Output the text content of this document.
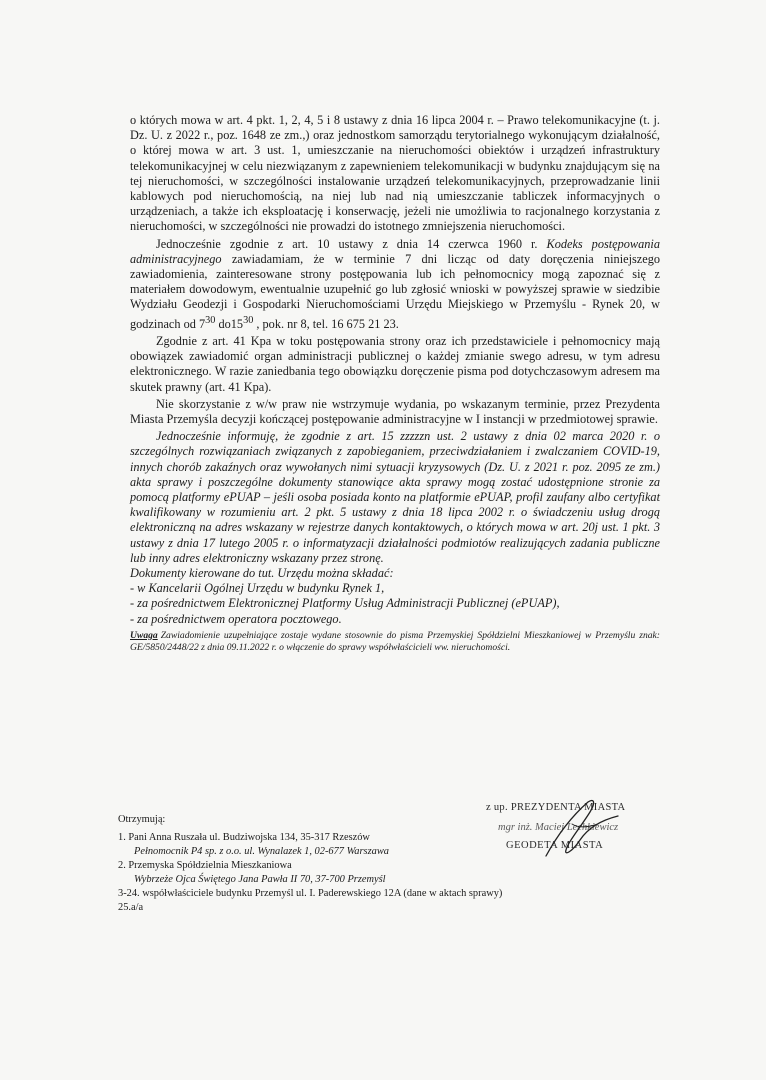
o których mowa w art. 4 pkt. 1, 2, 4, 5 i 8 ustawy z dnia 16 lipca 2004 r. – Prawo telekomunikacyjne (t. j. Dz. U. z 2022 r., poz. 1648 ze zm.,) oraz jednostkom samorządu terytorialnego wykonującym działalność, o której mowa w art. 3 ust. 1, umieszczanie na nieruchomości obiektów i urządzeń infrastruktury telekomunikacyjnej w celu niezwiązanym z zapewnieniem telekomunikacji w budynku znajdującym się na tej nieruchomości, w szczególności instalowanie urządzeń telekomunikacyjnych, przeprowadzanie linii kablowych pod nieruchomością, na niej lub nad nią umieszczanie tabliczek informacyjnych o urządzeniach, a także ich eksploatację i konserwację, jeżeli nie umożliwia to racjonalnego korzystania z nieruchomości, w szczególności nie prowadzi do istotnego zmniejszenia nieruchomości.

Jednocześnie zgodnie z art. 10 ustawy z dnia 14 czerwca 1960 r. Kodeks postępowania administracyjnego zawiadamiam, że w terminie 7 dni licząc od daty doręczenia niniejszego zawiadomienia, zainteresowane strony postępowania lub ich pełnomocnicy mogą zapoznać się z materiałem dowodowym, ewentualnie uzupełnić go lub zgłosić wnioski w powyższej sprawie w siedzibie Wydziału Geodezji i Gospodarki Nieruchomościami Urzędu Miejskiego w Przemyślu - Rynek 20, w godzinach od $7^{30}$ $do15^{30}$ , pok. nr 8, tel. 16 675 21 23.

Zgodnie z art. 41 Kpa w toku postępowania strony oraz ich przedstawiciele i pełnomocnicy mają obowiązek zawiadomić organ administracji publicznej o każdej zmianie swego adresu, w tym adresu elektronicznego. W razie zaniedbania tego obowiązku doręczenie pisma pod dotychczasowym adresem ma skutek prawny (art. 41 Kpa).

Nie skorzystanie z w/w praw nie wstrzymuje wydania, po wskazanym terminie, przez Prezydenta Miasta Przemyśla decyzji kończącej postępowanie administracyjne w I instancji w przedmiotowej sprawie.

Jednocześnie informuję, że zgodnie z art. 15 zzzzzn ust. 2 ustawy z dnia 02 marca 2020 r. o szczególnych rozwiązaniach związanych z zapobieganiem, przeciwdziałaniem i zwalczaniem COVID-19, innych chorób zakaźnych oraz wywołanych nimi sytuacji kryzysowych (Dz. U. z 2021 r. poz. 2095 ze zm.) akta sprawy i poszczególne dokumenty stanowiące akta sprawy mogą zostać udostępnione stronie za pomocą platformy ePUAP – jeśli osoba posiada konto na platformie ePUAP, profil zaufany albo certyfikat kwalifikowany w rozumieniu art. 2 pkt. 5 ustawy z dnia 18 lipca 2002 r. o świadczeniu usług drogą elektroniczną na adres wskazany w rejestrze danych kontaktowych, o których mowa w art. 20j ust. 1 pkt. 3 ustawy z dnia 17 lutego 2005 r. o informatyzacji działalności podmiotów realizujących zadania publiczne lub inny adres elektroniczny wskazany przez stronę.

Dokumenty kierowane do tut. Urzędu można składać:

- w Kancelarii Ogólnej Urzędu w budynku Rynek 1,

- za pośrednictwem Elektronicznej Platformy Usług Administracji Publicznej (ePUAP),

- za pośrednictwem operatora pocztowego.

Uwaga Zawiadomienie uzupełniające zostaje wydane stosownie do pisma Przemyskiej Spółdzielni Mieszkaniowej w Przemyślu znak: GE/5850/2448/22 z dnia 09.11.2022 r. o włączenie do sprawy współwłaścicieli ww. nieruchomości.
z up. PREZYDENTA MIASTA
mgr inż. Maciej Lechkiewicz
GEODETA MIASTA
Otrzymują:
1. Pani Anna Ruszała ul. Budziwojska 134, 35-317 Rzeszów
Pełnomocnik P4 sp. z o.o. ul. Wynalazek 1, 02-677 Warszawa
2. Przemyska Spółdzielnia Mieszkaniowa
Wybrzeże Ojca Świętego Jana Pawła II 70, 37-700 Przemyśl
3-24. współwłaściciele budynku Przemyśl ul. I. Paderewskiego 12A (dane w aktach sprawy)
25.a/a
